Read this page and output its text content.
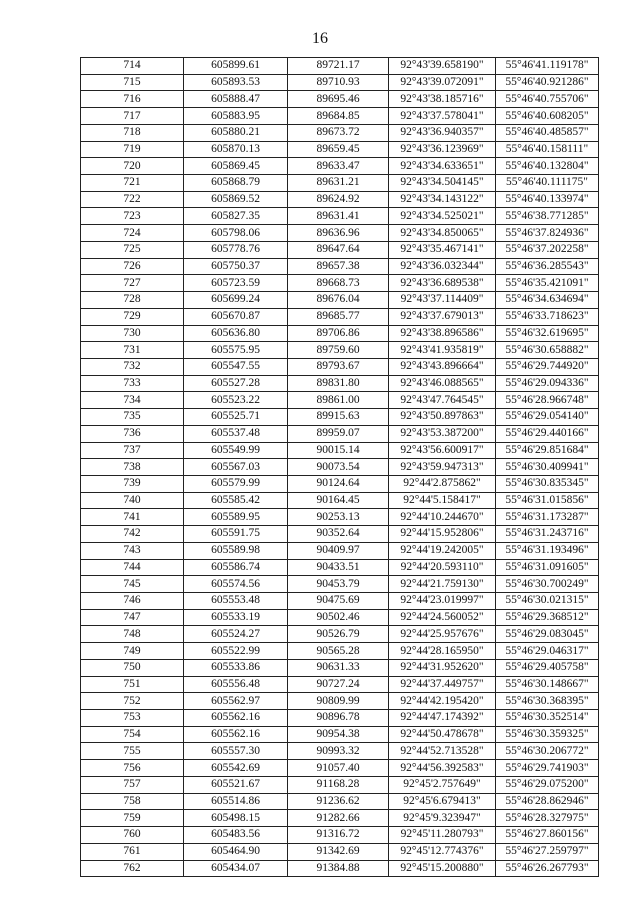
16
714	605899.61	89721.17	92°43'39.658190"	55°46'41.119178"
715	605893.53	89710.93	92°43'39.072091"	55°46'40.921286"
716	605888.47	89695.46	92°43'38.185716"	55°46'40.755706"
717	605883.95	89684.85	92°43'37.578041"	55°46'40.608205"
718	605880.21	89673.72	92°43'36.940357"	55°46'40.485857"
719	605870.13	89659.45	92°43'36.123969"	55°46'40.158111"
720	605869.45	89633.47	92°43'34.633651"	55°46'40.132804"
721	605868.79	89631.21	92°43'34.504145"	55°46'40.111175"
722	605869.52	89624.92	92°43'34.143122"	55°46'40.133974"
723	605827.35	89631.41	92°43'34.525021"	55°46'38.771285"
724	605798.06	89636.96	92°43'34.850065"	55°46'37.824936"
725	605778.76	89647.64	92°43'35.467141"	55°46'37.202258"
726	605750.37	89657.38	92°43'36.032344"	55°46'36.285543"
727	605723.59	89668.73	92°43'36.689538"	55°46'35.421091"
728	605699.24	89676.04	92°43'37.114409"	55°46'34.634694"
729	605670.87	89685.77	92°43'37.679013"	55°46'33.718623"
730	605636.80	89706.86	92°43'38.896586"	55°46'32.619695"
731	605575.95	89759.60	92°43'41.935819"	55°46'30.658882"
732	605547.55	89793.67	92°43'43.896664"	55°46'29.744920"
733	605527.28	89831.80	92°43'46.088565"	55°46'29.094336"
734	605523.22	89861.00	92°43'47.764545"	55°46'28.966748"
735	605525.71	89915.63	92°43'50.897863"	55°46'29.054140"
736	605537.48	89959.07	92°43'53.387200"	55°46'29.440166"
737	605549.99	90015.14	92°43'56.600917"	55°46'29.851684"
738	605567.03	90073.54	92°43'59.947313"	55°46'30.409941"
739	605579.99	90124.64	92°44'2.875862"	55°46'30.835345"
740	605585.42	90164.45	92°44'5.158417"	55°46'31.015856"
741	605589.95	90253.13	92°44'10.244670"	55°46'31.173287"
742	605591.75	90352.64	92°44'15.952806"	55°46'31.243716"
743	605589.98	90409.97	92°44'19.242005"	55°46'31.193496"
744	605586.74	90433.51	92°44'20.593110"	55°46'31.091605"
745	605574.56	90453.79	92°44'21.759130"	55°46'30.700249"
746	605553.48	90475.69	92°44'23.019997"	55°46'30.021315"
747	605533.19	90502.46	92°44'24.560052"	55°46'29.368512"
748	605524.27	90526.79	92°44'25.957676"	55°46'29.083045"
749	605522.99	90565.28	92°44'28.165950"	55°46'29.046317"
750	605533.86	90631.33	92°44'31.952620"	55°46'29.405758"
751	605556.48	90727.24	92°44'37.449757"	55°46'30.148667"
752	605562.97	90809.99	92°44'42.195420"	55°46'30.368395"
753	605562.16	90896.78	92°44'47.174392"	55°46'30.352514"
754	605562.16	90954.38	92°44'50.478678"	55°46'30.359325"
755	605557.30	90993.32	92°44'52.713528"	55°46'30.206772"
756	605542.69	91057.40	92°44'56.392583"	55°46'29.741903"
757	605521.67	91168.28	92°45'2.757649"	55°46'29.075200"
758	605514.86	91236.62	92°45'6.679413"	55°46'28.862946"
759	605498.15	91282.66	92°45'9.323947"	55°46'28.327975"
760	605483.56	91316.72	92°45'11.280793"	55°46'27.860156"
761	605464.90	91342.69	92°45'12.774376"	55°46'27.259797"
762	605434.07	91384.88	92°45'15.200880"	55°46'26.267793"
